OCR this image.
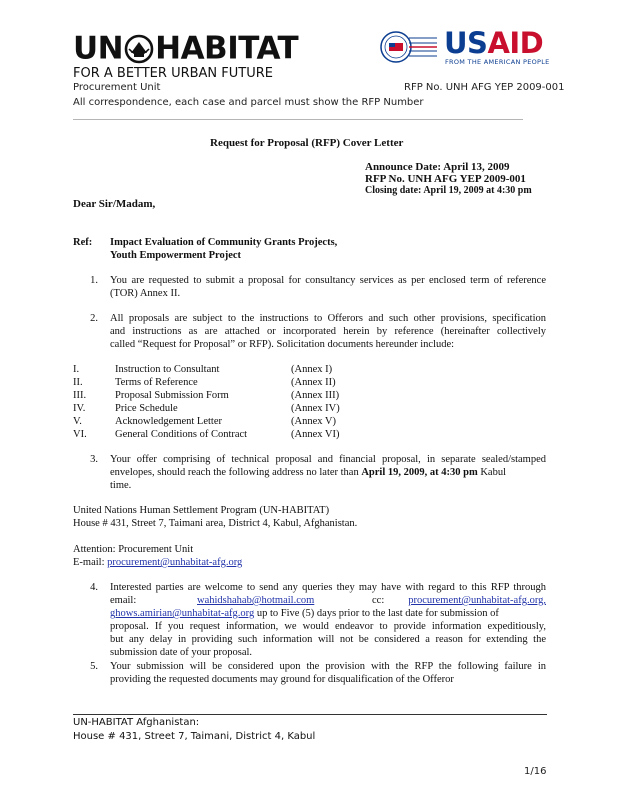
UN HABITAT
FOR A BETTER URBAN FUTURE
Procurement Unit	RFP No. UNH AFG YEP 2009-001
All correspondence, each case and parcel must show the RFP Number
USAID
FROM THE AMERICAN PEOPLE
Request for Proposal (RFP) Cover Letter
Announce Date: April 13, 2009
RFP No. UNH AFG YEP 2009-001
Closing date: April 19, 2009 at 4:30 pm
Dear Sir/Madam,
Ref: Impact Evaluation of Community Grants Projects,
Youth Empowerment Project
1. You are requested to submit a proposal for consultancy services as per enclosed term of reference
(TOR) Annex II.
2. All proposals are subject to the instructions to Offerors and such other provisions, specification
and instructions as are attached or incorporated herein by reference (hereinafter collectively
called “Request for Proposal” or RFP). Solicitation documents hereunder include:
I.	Instruction to Consultant	(Annex I)
II.	Terms of Reference	(Annex II)
III.	Proposal Submission Form	(Annex III)
IV.	Price Schedule	(Annex IV)
V.	Acknowledgement Letter	(Annex V)
VI.	General Conditions of Contract	(Annex VI)
3. Your offer comprising of technical proposal and financial proposal, in separate sealed/stamped
envelopes, should reach the following address no later than April 19, 2009, at 4:30 pm Kabul
time.
United Nations Human Settlement Program (UN-HABITAT)
House # 431, Street 7, Taimani area, District 4, Kabul, Afghanistan.
Attention: Procurement Unit
E-mail: procurement@unhabitat-afg.org
4. Interested parties are welcome to send any queries they may have with regard to this RFP through
email:	wahidshahab@hotmail.com	cc: procurement@unhabitat-afg.org,
ghows.amirian@unhabitat-afg.org up to Five (5) days prior to the last date for submission of
proposal. If you request information, we would endeavor to provide information expeditiously,
but any delay in providing such information will not be considered a reason for extending the
submission date of your proposal.
5. Your submission will be considered upon the provision with the RFP the following failure in
providing the requested documents may ground for disqualification of the Offeror
UN-HABITAT Afghanistan:
House # 431, Street 7, Taimani, District 4, Kabul
1/16
